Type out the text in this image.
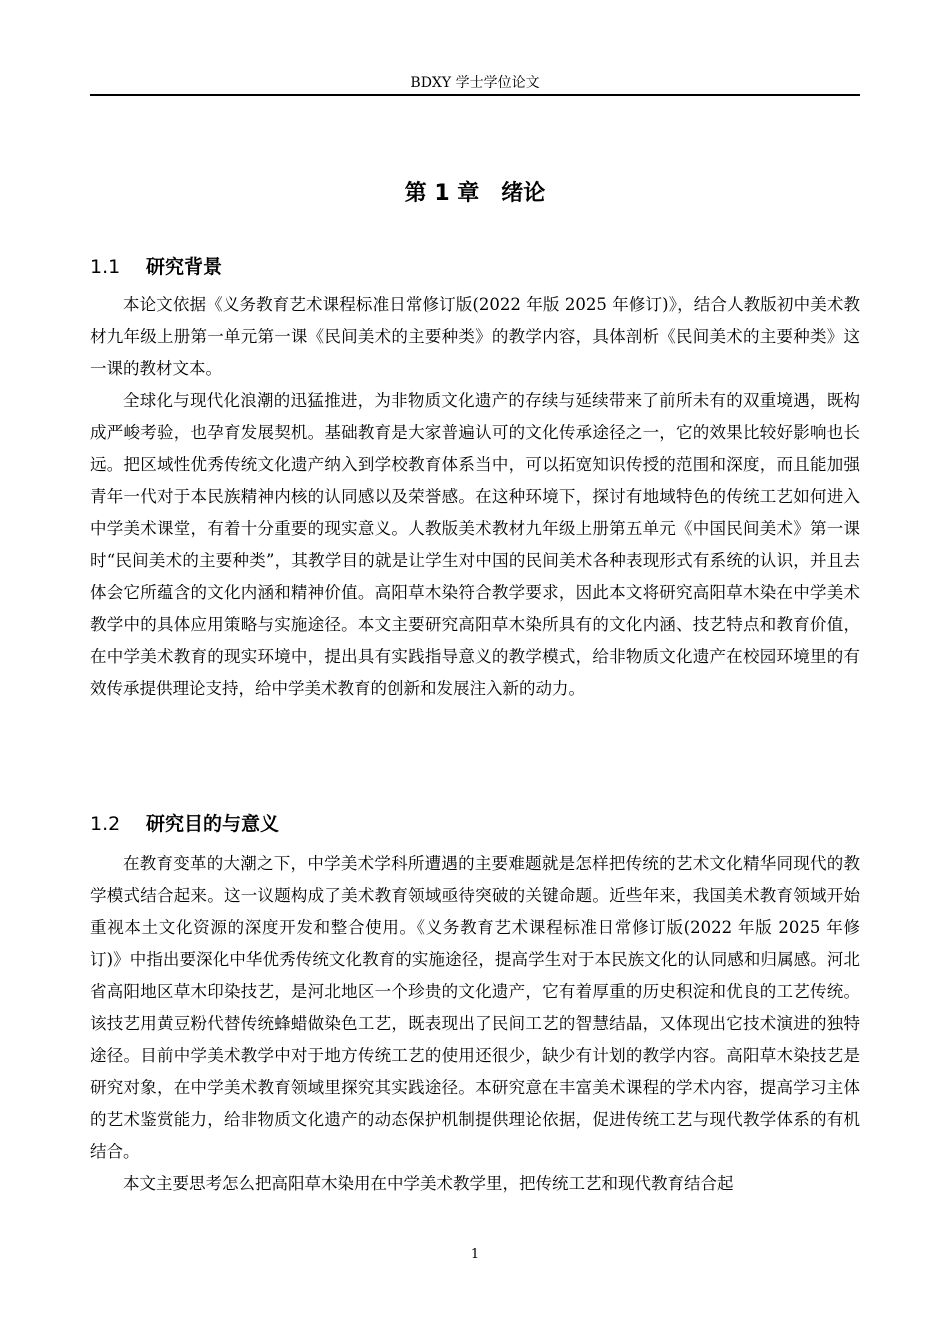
BDXY 学士学位论文
第 1 章　绪论
1.1 研究背景

本论文依据《义务教育艺术课程标准日常修订版(2022 年版 2025 年修订)》，结合人教版初中美术教材九年级上册第一单元第一课《民间美术的主要种类》的教学内容，具体剖析《民间美术的主要种类》这一课的教材文本。

全球化与现代化浪潮的迅猛推进，为非物质文化遗产的存续与延续带来了前所未有的双重境遇，既构成严峻考验，也孕育发展契机。基础教育是大家普遍认可的文化传承途径之一，它的效果比较好影响也长远。把区域性优秀传统文化遗产纳入到学校教育体系当中，可以拓宽知识传授的范围和深度，而且能加强青年一代对于本民族精神内核的认同感以及荣誉感。在这种环境下，探讨有地域特色的传统工艺如何进入中学美术课堂，有着十分重要的现实意义。人教版美术教材九年级上册第五单元《中国民间美术》第一课时“民间美术的主要种类”，其教学目的就是让学生对中国的民间美术各种表现形式有系统的认识，并且去体会它所蕴含的文化内涵和精神价值。高阳草木染符合教学要求，因此本文将研究高阳草木染在中学美术教学中的具体应用策略与实施途径。本文主要研究高阳草木染所具有的文化内涵、技艺特点和教育价值，在中学美术教育的现实环境中，提出具有实践指导意义的教学模式，给非物质文化遗产在校园环境里的有效传承提供理论支持，给中学美术教育的创新和发展注入新的动力。

1.2 研究目的与意义

在教育变革的大潮之下，中学美术学科所遭遇的主要难题就是怎样把传统的艺术文化精华同现代的教学模式结合起来。这一议题构成了美术教育领域亟待突破的关键命题。近些年来，我国美术教育领域开始重视本土文化资源的深度开发和整合使用。《义务教育艺术课程标准日常修订版(2022 年版 2025 年修订)》中指出要深化中华优秀传统文化教育的实施途径，提高学生对于本民族文化的认同感和归属感。河北省高阳地区草木印染技艺，是河北地区一个珍贵的文化遗产，它有着厚重的历史积淀和优良的工艺传统。该技艺用黄豆粉代替传统蜂蜡做染色工艺，既表现出了民间工艺的智慧结晶，又体现出它技术演进的独特途径。目前中学美术教学中对于地方传统工艺的使用还很少，缺少有计划的教学内容。高阳草木染技艺是研究对象，在中学美术教育领域里探究其实践途径。本研究意在丰富美术课程的学术内容，提高学习主体的艺术鉴赏能力，给非物质文化遗产的动态保护机制提供理论依据，促进传统工艺与现代教学体系的有机结合。

本文主要思考怎么把高阳草木染用在中学美术教学里，把传统工艺和现代教育结合起

1
